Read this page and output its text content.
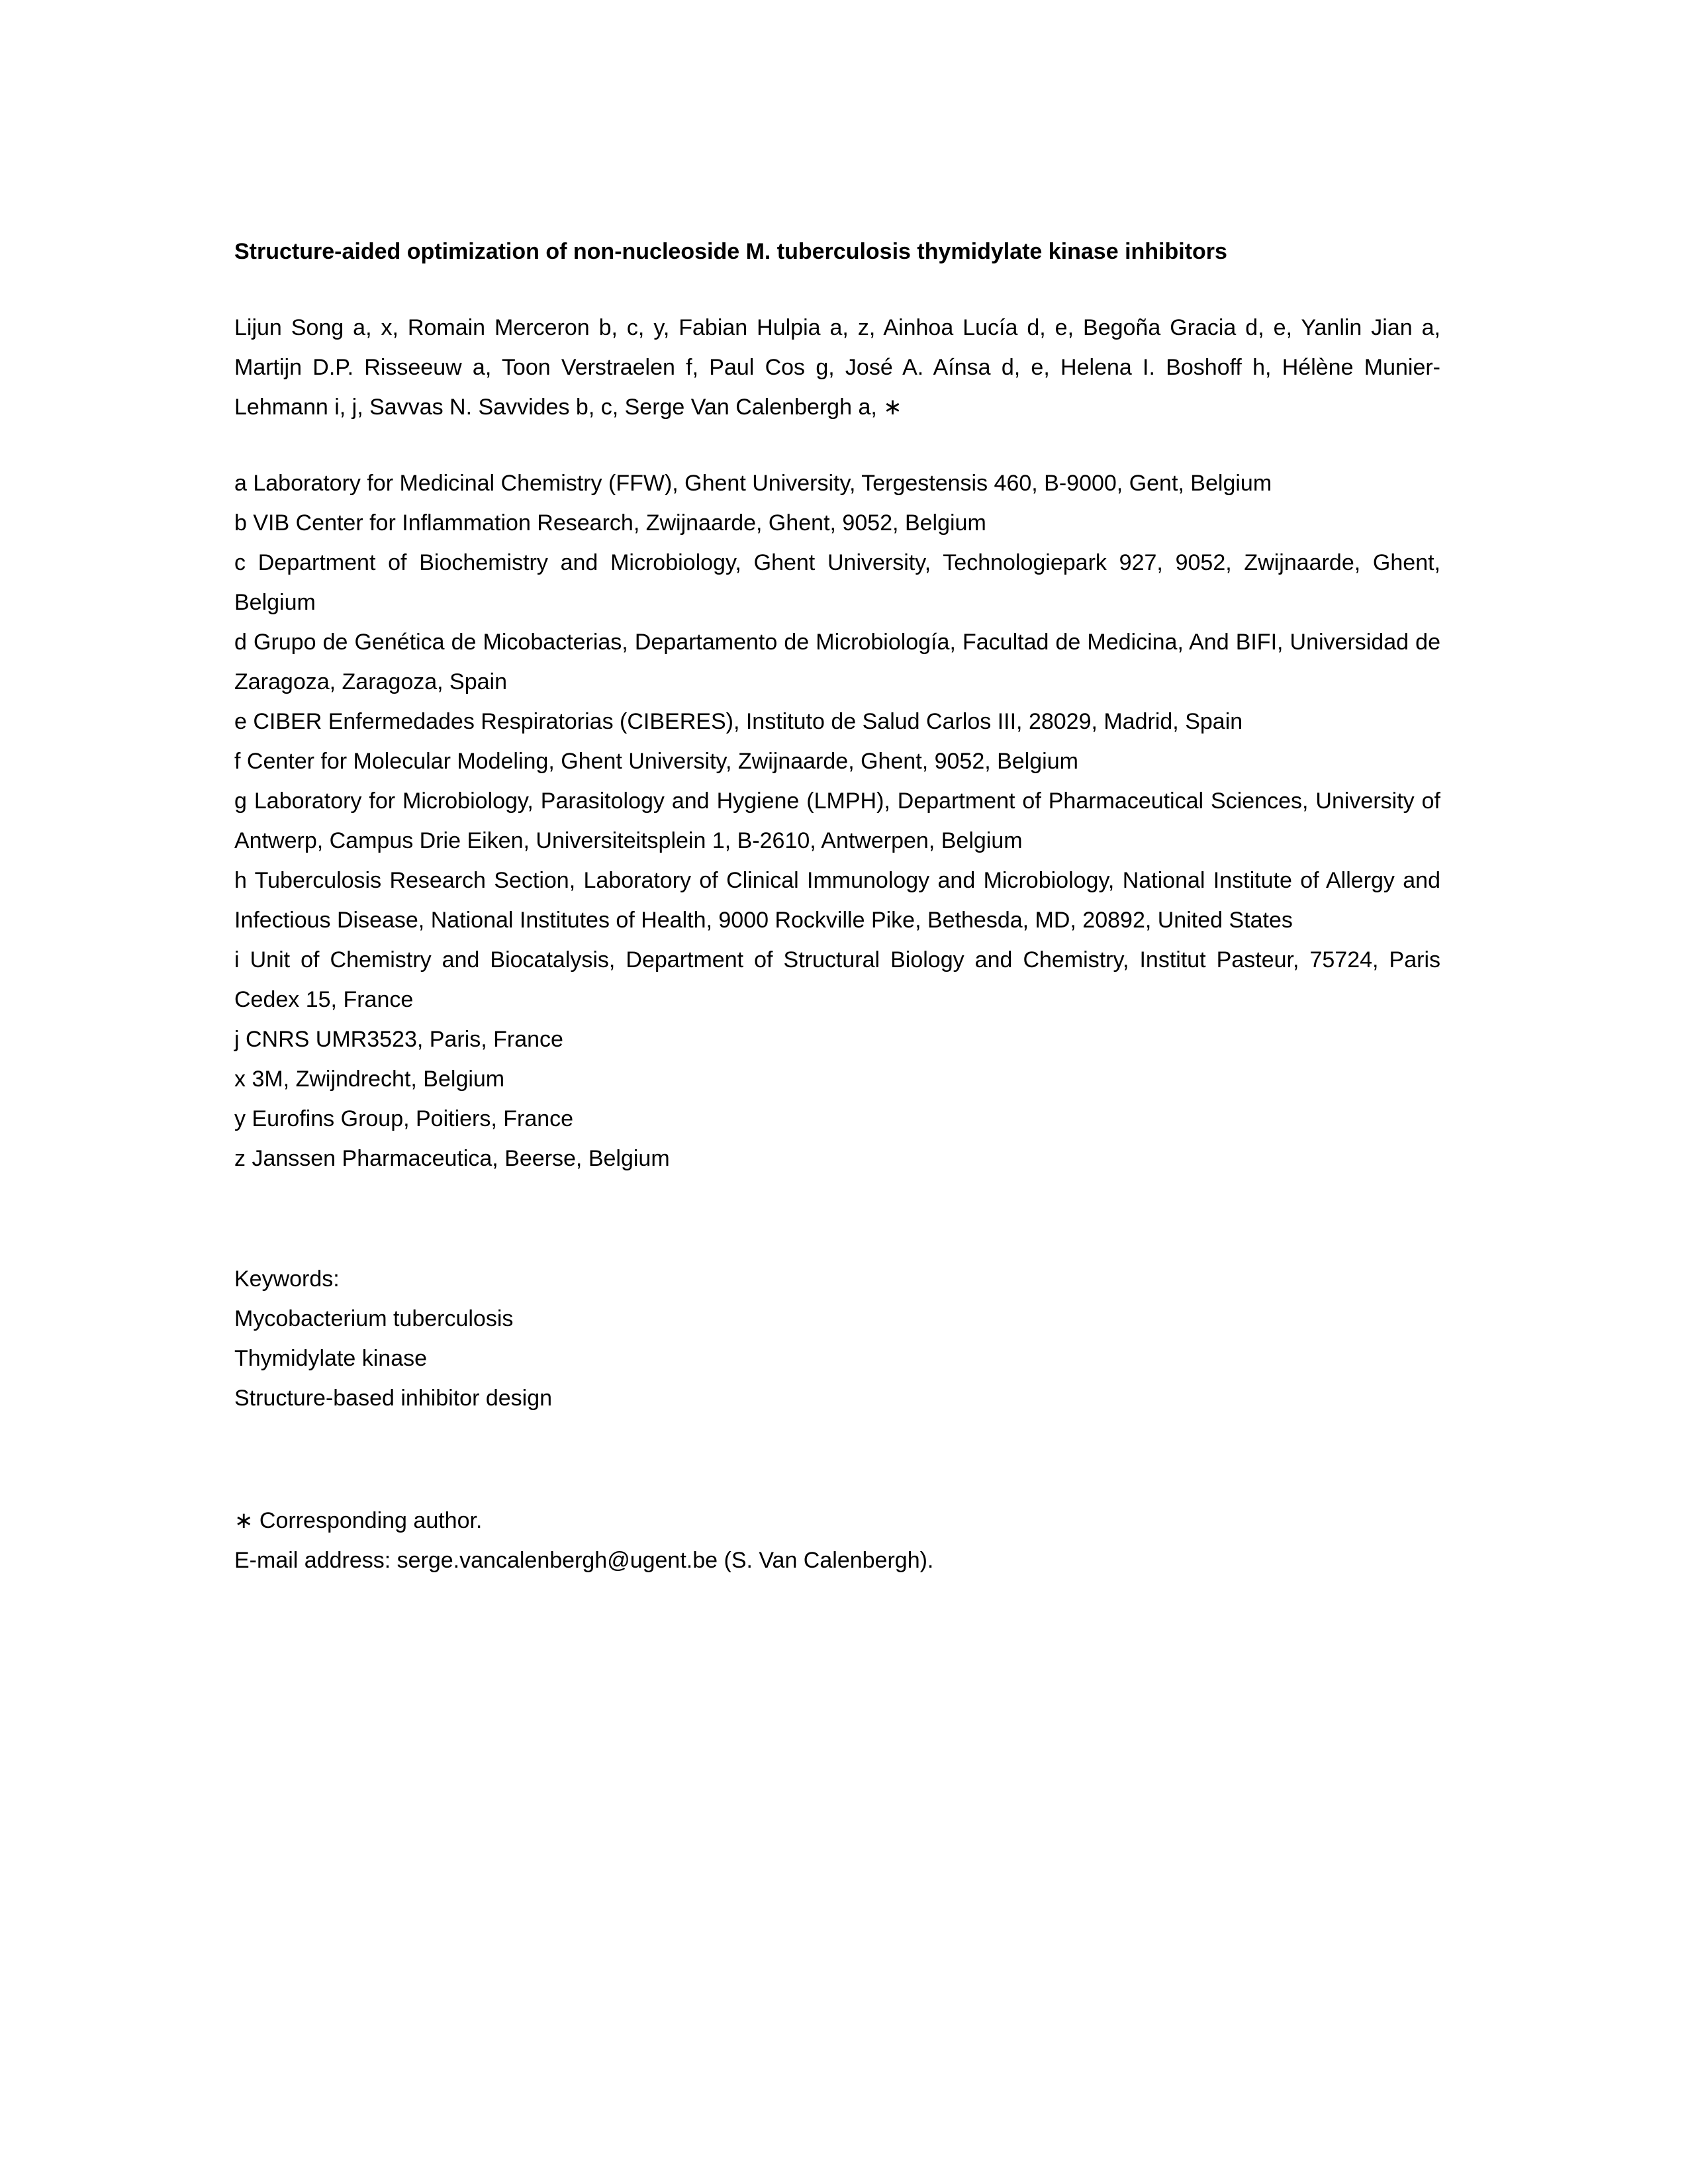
Structure-aided optimization of non-nucleoside M. tuberculosis thymidylate kinase inhibitors
Lijun Song a, x, Romain Merceron b, c, y, Fabian Hulpia a, z, Ainhoa Lucía d, e, Begoña Gracia d, e, Yanlin Jian a, Martijn D.P. Risseeuw a, Toon Verstraelen f, Paul Cos g, José A. Aínsa d, e, Helena I. Boshoff h, Hélène Munier-Lehmann i, j, Savvas N. Savvides b, c, Serge Van Calenbergh a, ∗

a Laboratory for Medicinal Chemistry (FFW), Ghent University, Tergestensis 460, B-9000, Gent, Belgium

b VIB Center for Inflammation Research, Zwijnaarde, Ghent, 9052, Belgium

c Department of Biochemistry and Microbiology, Ghent University, Technologiepark 927, 9052, Zwijnaarde, Ghent, Belgium

d Grupo de Genética de Micobacterias, Departamento de Microbiología, Facultad de Medicina, And BIFI, Universidad de Zaragoza, Zaragoza, Spain

e CIBER Enfermedades Respiratorias (CIBERES), Instituto de Salud Carlos III, 28029, Madrid, Spain

f Center for Molecular Modeling, Ghent University, Zwijnaarde, Ghent, 9052, Belgium

g Laboratory for Microbiology, Parasitology and Hygiene (LMPH), Department of Pharmaceutical Sciences, University of Antwerp, Campus Drie Eiken, Universiteitsplein 1, B-2610, Antwerpen, Belgium

h Tuberculosis Research Section, Laboratory of Clinical Immunology and Microbiology, National Institute of Allergy and Infectious Disease, National Institutes of Health, 9000 Rockville Pike, Bethesda, MD, 20892, United States

i Unit of Chemistry and Biocatalysis, Department of Structural Biology and Chemistry, Institut Pasteur, 75724, Paris Cedex 15, France

j CNRS UMR3523, Paris, France

x 3M, Zwijndrecht, Belgium

y Eurofins Group, Poitiers, France

z Janssen Pharmaceutica, Beerse, Belgium

Keywords:

Mycobacterium tuberculosis

Thymidylate kinase

Structure-based inhibitor design

∗ Corresponding author.

E-mail address: serge.vancalenbergh@ugent.be (S. Van Calenbergh).
